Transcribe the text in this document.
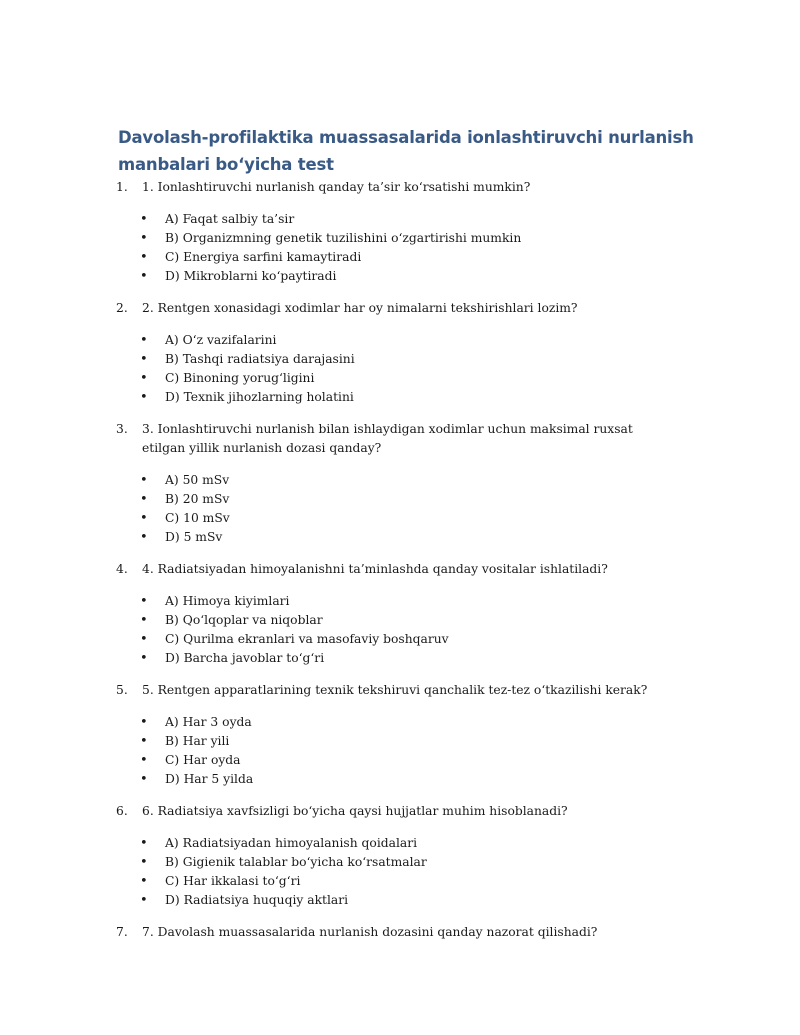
Davolash-profilaktika muassasalarida ionlashtiruvchi nurlanish manbalari bo‘yicha test
1. 1. Ionlashtiruvchi nurlanish qanday ta’sir ko‘rsatishi mumkin?
• A) Faqat salbiy ta’sir
• B) Organizmning genetik tuzilishini o‘zgartirishi mumkin
• C) Energiya sarfini kamaytiradi
• D) Mikroblarni ko‘paytiradi
2. 2. Rentgen xonasidagi xodimlar har oy nimalarni tekshirishlari lozim?
• A) O‘z vazifalarini
• B) Tashqi radiatsiya darajasini
• C) Binoning yorug‘ligini
• D) Texnik jihozlarning holatini
3. 3. Ionlashtiruvchi nurlanish bilan ishlaydigan xodimlar uchun maksimal ruxsat etilgan yillik nurlanish dozasi qanday?
• A) 50 mSv
• B) 20 mSv
• C) 10 mSv
• D) 5 mSv
4. 4. Radiatsiyadan himoyalanishni ta’minlashda qanday vositalar ishlatiladi?
• A) Himoya kiyimlari
• B) Qo‘lqoplar va niqoblar
• C) Qurilma ekranlari va masofaviy boshqaruv
• D) Barcha javoblar to‘g‘ri
5. 5. Rentgen apparatlarining texnik tekshiruvi qanchalik tez-tez o‘tkazilishi kerak?
• A) Har 3 oyda
• B) Har yili
• C) Har oyda
• D) Har 5 yilda
6. 6. Radiatsiya xavfsizligi bo‘yicha qaysi hujjatlar muhim hisoblanadi?
• A) Radiatsiyadan himoyalanish qoidalari
• B) Gigienik talablar bo‘yicha ko‘rsatmalar
• C) Har ikkalasi to‘g‘ri
• D) Radiatsiya huquqiy aktlari
7. 7. Davolash muassasalarida nurlanish dozasini qanday nazorat qilishadi?
